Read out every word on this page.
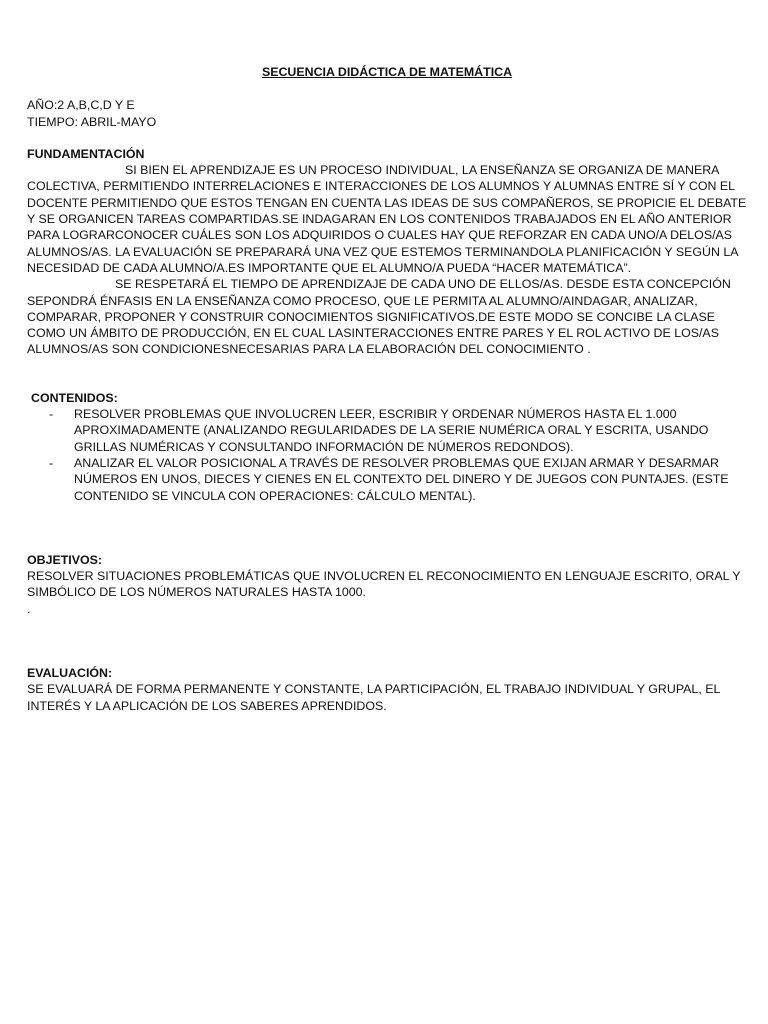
SECUENCIA DIDÁCTICA DE MATEMÁTICA

AÑO:2 A,B,C,D Y E

TIEMPO: ABRIL-MAYO

FUNDAMENTACIÓN

SI BIEN EL APRENDIZAJE ES UN PROCESO INDIVIDUAL, LA ENSEÑANZA SE ORGANIZA DE MANERA COLECTIVA, PERMITIENDO INTERRELACIONES E INTERACCIONES DE LOS ALUMNOS Y ALUMNAS ENTRE SÍ Y CON EL DOCENTE PERMITIENDO QUE ESTOS TENGAN EN CUENTA LAS IDEAS DE SUS COMPAÑEROS, SE PROPICIE EL DEBATE Y SE ORGANICEN TAREAS COMPARTIDAS.SE INDAGARAN EN LOS CONTENIDOS TRABAJADOS EN EL AÑO ANTERIOR PARA LOGRARCONOCER CUÁLES SON LOS ADQUIRIDOS O CUALES HAY QUE REFORZAR EN CADA UNO/A DELOS/AS ALUMNOS/AS. LA EVALUACIÓN SE PREPARARÁ UNA VEZ QUE ESTEMOS TERMINANDOLA PLANIFICACIÓN Y SEGÚN LA NECESIDAD DE CADA ALUMNO/A.ES IMPORTANTE QUE EL ALUMNO/A PUEDA “HACER MATEMÁTICA”.

SE RESPETARÁ EL TIEMPO DE APRENDIZAJE DE CADA UNO DE ELLOS/AS. DESDE ESTA CONCEPCIÓN SEPONDRÁ ÉNFASIS EN LA ENSEÑANZA COMO PROCESO, QUE LE PERMITA AL ALUMNO/AINDAGAR, ANALIZAR, COMPARAR, PROPONER Y CONSTRUIR CONOCIMIENTOS SIGNIFICATIVOS.DE ESTE MODO SE CONCIBE LA CLASE COMO UN ÁMBITO DE PRODUCCIÓN, EN EL CUAL LASINTERACCIONES ENTRE PARES Y EL ROL ACTIVO DE LOS/AS ALUMNOS/AS SON CONDICIONESNECESARIAS PARA LA ELABORACIÓN DEL CONOCIMIENTO .

CONTENIDOS:

- RESOLVER PROBLEMAS QUE INVOLUCREN LEER, ESCRIBIR Y ORDENAR NÚMEROS HASTA EL 1.000 APROXIMADAMENTE (ANALIZANDO REGULARIDADES DE LA SERIE NUMÉRICA ORAL Y ESCRITA, USANDO GRILLAS NUMÉRICAS Y CONSULTANDO INFORMACIÓN DE NÚMEROS REDONDOS).
- ANALIZAR EL VALOR POSICIONAL A TRAVÉS DE RESOLVER PROBLEMAS QUE EXIJAN ARMAR Y DESARMAR NÚMEROS EN UNOS, DIECES Y CIENES EN EL CONTEXTO DEL DINERO Y DE JUEGOS CON PUNTAJES. (ESTE CONTENIDO SE VINCULA CON OPERACIONES: CÁLCULO MENTAL).

OBJETIVOS:

RESOLVER SITUACIONES PROBLEMÁTICAS QUE INVOLUCREN EL RECONOCIMIENTO EN LENGUAJE ESCRITO, ORAL Y SIMBÓLICO DE LOS NÚMEROS NATURALES HASTA 1000.

.

EVALUACIÓN:

SE EVALUARÁ DE FORMA PERMANENTE Y CONSTANTE, LA PARTICIPACIÓN, EL TRABAJO INDIVIDUAL Y GRUPAL, EL INTERÉS Y LA APLICACIÓN DE LOS SABERES APRENDIDOS.
